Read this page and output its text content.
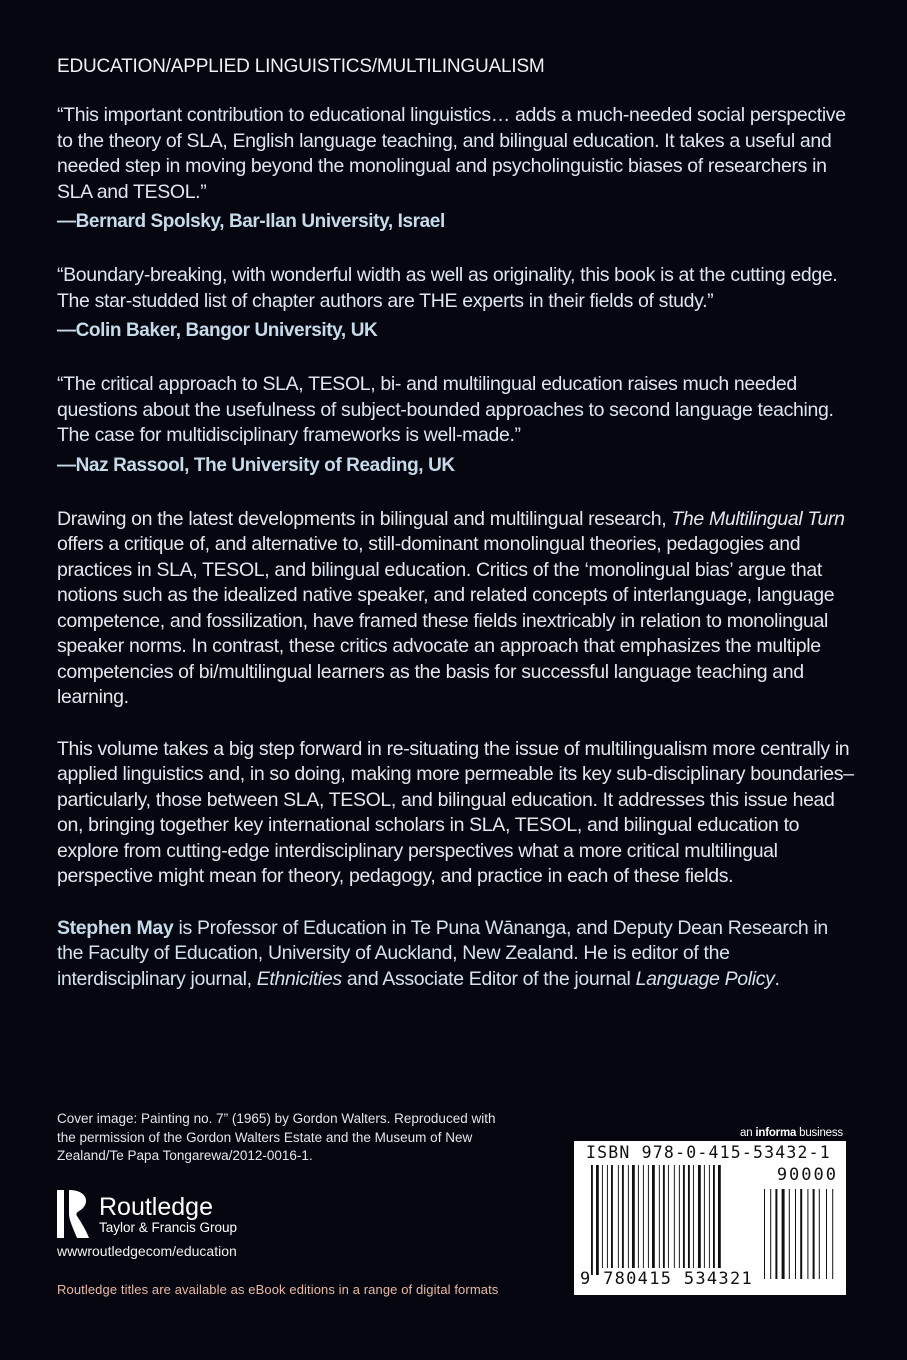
EDUCATION/APPLIED LINGUISTICS/MULTILINGUALISM

“This important contribution to educational linguistics… adds a much-needed social perspective to the theory of SLA, English language teaching, and bilingual education. It takes a useful and needed step in moving beyond the monolingual and psycholinguistic biases of researchers in SLA and TESOL.”

—Bernard Spolsky, Bar-Ilan University, Israel

“Boundary-breaking, with wonderful width as well as originality, this book is at the cutting edge. The star-studded list of chapter authors are THE experts in their fields of study.”

—Colin Baker, Bangor University, UK

“The critical approach to SLA, TESOL, bi- and multilingual education raises much needed questions about the usefulness of subject-bounded approaches to second language teaching. The case for multidisciplinary frameworks is well-made.”

—Naz Rassool, The University of Reading, UK

Drawing on the latest developments in bilingual and multilingual research, The Multilingual Turn offers a critique of, and alternative to, still-dominant monolingual theories, pedagogies and practices in SLA, TESOL, and bilingual education. Critics of the ‘monolingual bias’ argue that notions such as the idealized native speaker, and related concepts of interlanguage, language competence, and fossilization, have framed these fields inextricably in relation to monolingual speaker norms. In contrast, these critics advocate an approach that emphasizes the multiple competencies of bi/multilingual learners as the basis for successful language teaching and learning.

This volume takes a big step forward in re-situating the issue of multilingualism more centrally in applied linguistics and, in so doing, making more permeable its key sub-disciplinary boundaries–particularly, those between SLA, TESOL, and bilingual education. It addresses this issue head on, bringing together key international scholars in SLA, TESOL, and bilingual education to explore from cutting-edge interdisciplinary perspectives what a more critical multilingual perspective might mean for theory, pedagogy, and practice in each of these fields.

Stephen May is Professor of Education in Te Puna Wānanga, and Deputy Dean Research in the Faculty of Education, University of Auckland, New Zealand. He is editor of the interdisciplinary journal, Ethnicities and Associate Editor of the journal Language Policy.

Cover image: Painting no. 7” (1965) by Gordon Walters. Reproduced with the permission of the Gordon Walters Estate and the Museum of New Zealand/Te Papa Tongarewa/2012-0016-1.
Routledge
Taylor & Francis Group
wwwroutledgecom/education
Routledge titles are available as eBook editions in a range of digital formats
an informa business
ISBN 978-0-415-53432-1
90000
9 780415 534321
